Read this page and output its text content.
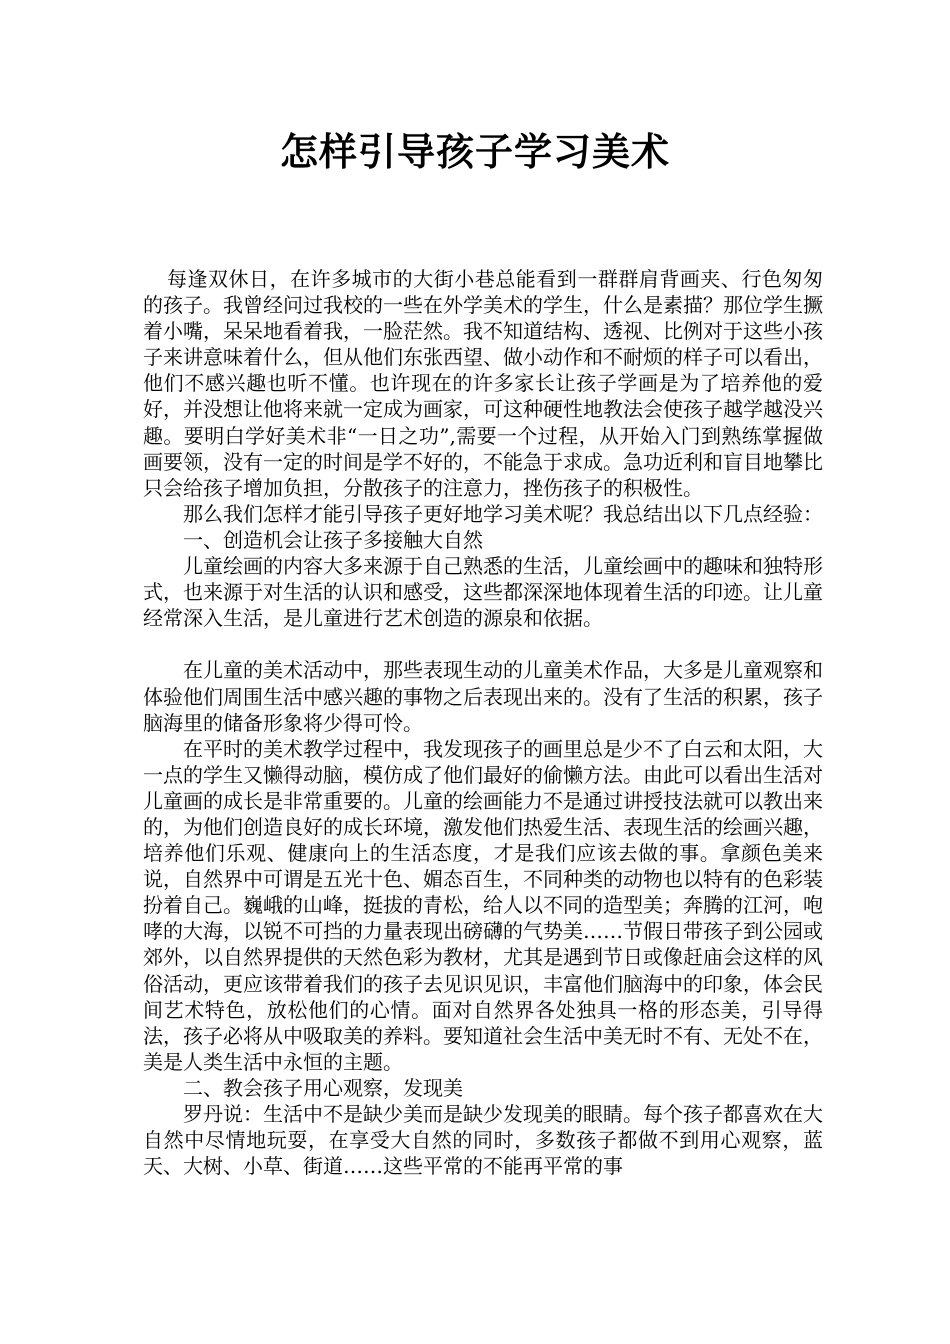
怎样引导孩子学习美术

每逢双休日，在许多城市的大街小巷总能看到一群群肩背画夹、行色匆匆的孩子。我曾经问过我校的一些在外学美术的学生，什么是素描？那位学生撅着小嘴，呆呆地看着我，一脸茫然。我不知道结构、透视、比例对于这些小孩子来讲意味着什么，但从他们东张西望、做小动作和不耐烦的样子可以看出，他们不感兴趣也听不懂。也许现在的许多家长让孩子学画是为了培养他的爱好，并没想让他将来就一定成为画家，可这种硬性地教法会使孩子越学越没兴趣。要明白学好美术非“一日之功”,需要一个过程，从开始入门到熟练掌握做画要领，没有一定的时间是学不好的，不能急于求成。急功近利和盲目地攀比只会给孩子增加负担，分散孩子的注意力，挫伤孩子的积极性。

那么我们怎样才能引导孩子更好地学习美术呢？我总结出以下几点经验：

一、创造机会让孩子多接触大自然

儿童绘画的内容大多来源于自己熟悉的生活，儿童绘画中的趣味和独特形式，也来源于对生活的认识和感受，这些都深深地体现着生活的印迹。让儿童经常深入生活，是儿童进行艺术创造的源泉和依据。

在儿童的美术活动中，那些表现生动的儿童美术作品，大多是儿童观察和体验他们周围生活中感兴趣的事物之后表现出来的。没有了生活的积累，孩子脑海里的储备形象将少得可怜。

在平时的美术教学过程中，我发现孩子的画里总是少不了白云和太阳，大一点的学生又懒得动脑，模仿成了他们最好的偷懒方法。由此可以看出生活对儿童画的成长是非常重要的。儿童的绘画能力不是通过讲授技法就可以教出来的，为他们创造良好的成长环境，激发他们热爱生活、表现生活的绘画兴趣，培养他们乐观、健康向上的生活态度，才是我们应该去做的事。拿颜色美来说，自然界中可谓是五光十色、媚态百生，不同种类的动物也以特有的色彩装扮着自己。巍峨的山峰，挺拔的青松，给人以不同的造型美；奔腾的江河，咆哮的大海，以锐不可挡的力量表现出磅礴的气势美……节假日带孩子到公园或郊外，以自然界提供的天然色彩为教材，尤其是遇到节日或像赶庙会这样的风俗活动，更应该带着我们的孩子去见识见识，丰富他们脑海中的印象，体会民间艺术特色，放松他们的心情。面对自然界各处独具一格的形态美，引导得法，孩子必将从中吸取美的养料。要知道社会生活中美无时不有、无处不在，美是人类生活中永恒的主题。

二、教会孩子用心观察，发现美

罗丹说：生活中不是缺少美而是缺少发现美的眼睛。每个孩子都喜欢在大自然中尽情地玩耍，在享受大自然的同时，多数孩子都做不到用心观察，蓝天、大树、小草、街道……这些平常的不能再平常的事
